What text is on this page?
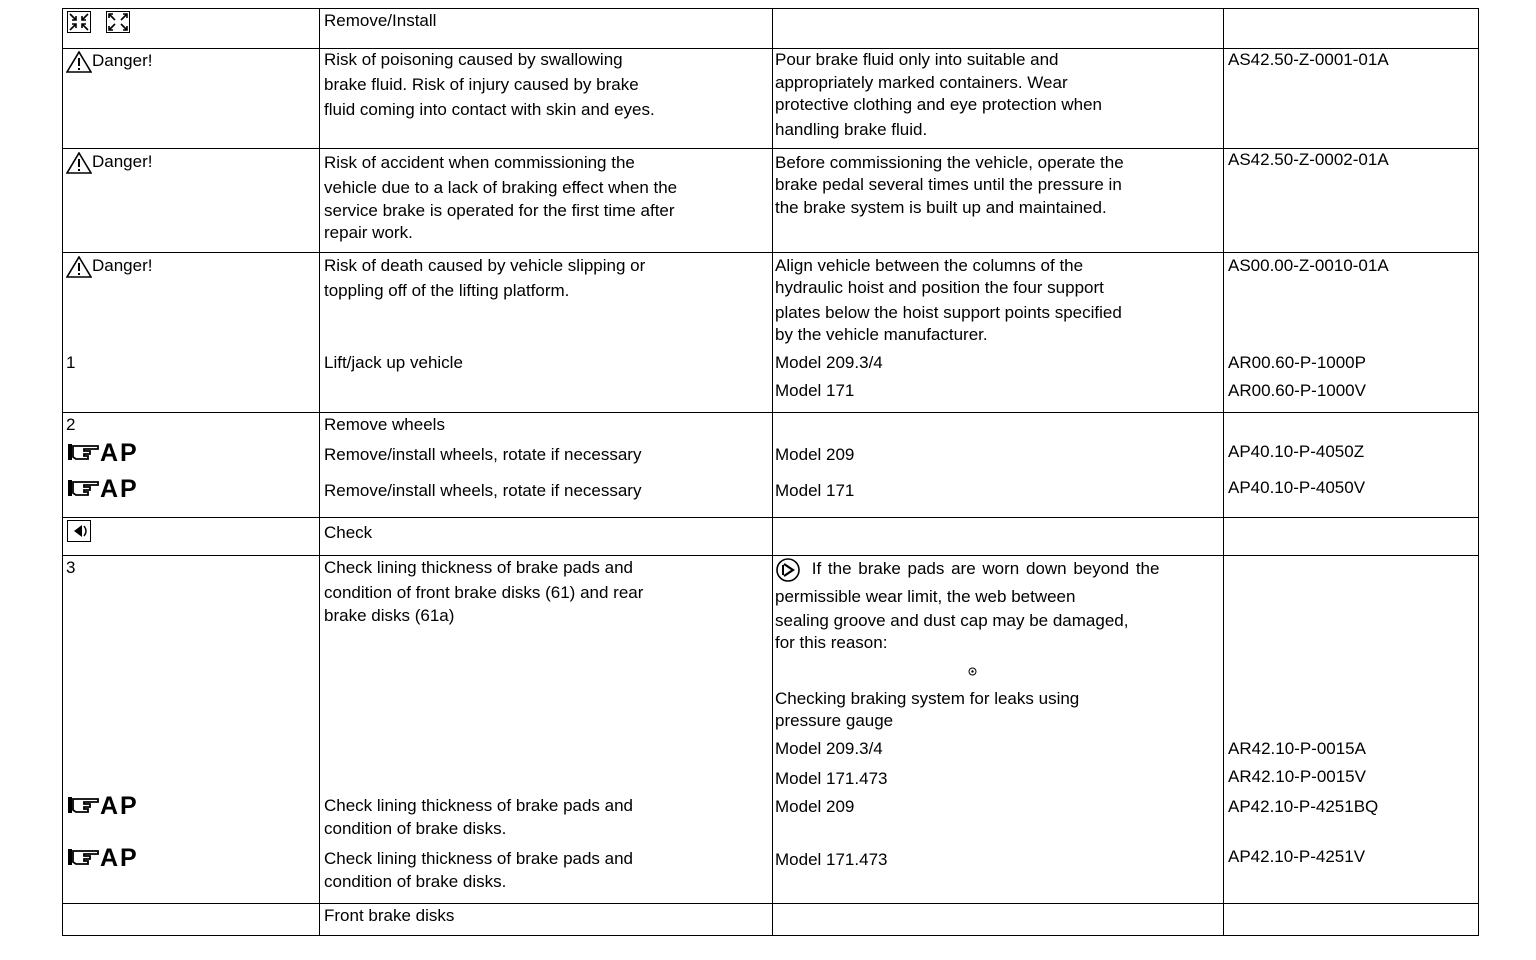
Remove/Install
Danger!	Risk of poisoning caused by swallowing
brake fluid. Risk of injury caused by brake
fluid coming into contact with skin and eyes.
Pour brake fluid only into suitable and
appropriately marked containers. Wear
protective clothing and eye protection when
handling brake fluid.
AS42.50-Z-0001-01A
Danger!	Risk of accident when commissioning the
vehicle due to a lack of braking effect when the
service brake is operated for the first time after
repair work.
Before commissioning the vehicle, operate the
brake pedal several times until the pressure in
the brake system is built up and maintained.
AS42.50-Z-0002-01A
Danger!
1
Risk of death caused by vehicle slipping or
toppling off of the lifting platform.
Lift/jack up vehicle
Align vehicle between the columns of the
hydraulic hoist and position the four support
plates below the hoist support points specified
by the vehicle manufacturer.
Model 209.3/4
Model 171
AS00.00-Z-0010-01A
AR00.60-P-1000P
AR00.60-P-1000V
2
AP
AP
Remove wheels
Remove/install wheels, rotate if necessary
Remove/install wheels, rotate if necessary
Model 209
Model 171
AP40.10-P-4050Z
AP40.10-P-4050V
Check
3
AP
AP
Check lining thickness of brake pads and
condition of front brake disks (61) and rear
brake disks (61a)
Check lining thickness of brake pads and
condition of brake disks.
Check lining thickness of brake pads and
condition of brake disks.
If the brake pads are worn down beyond the
permissible wear limit, the web between
sealing groove and dust cap may be damaged,
for this reason:
Checking braking system for leaks using
pressure gauge
Model 209.3/4
Model 171.473
Model 209
Model 171.473
AR42.10-P-0015A
AR42.10-P-0015V
AP42.10-P-4251BQ
AP42.10-P-4251V
Front brake disks
